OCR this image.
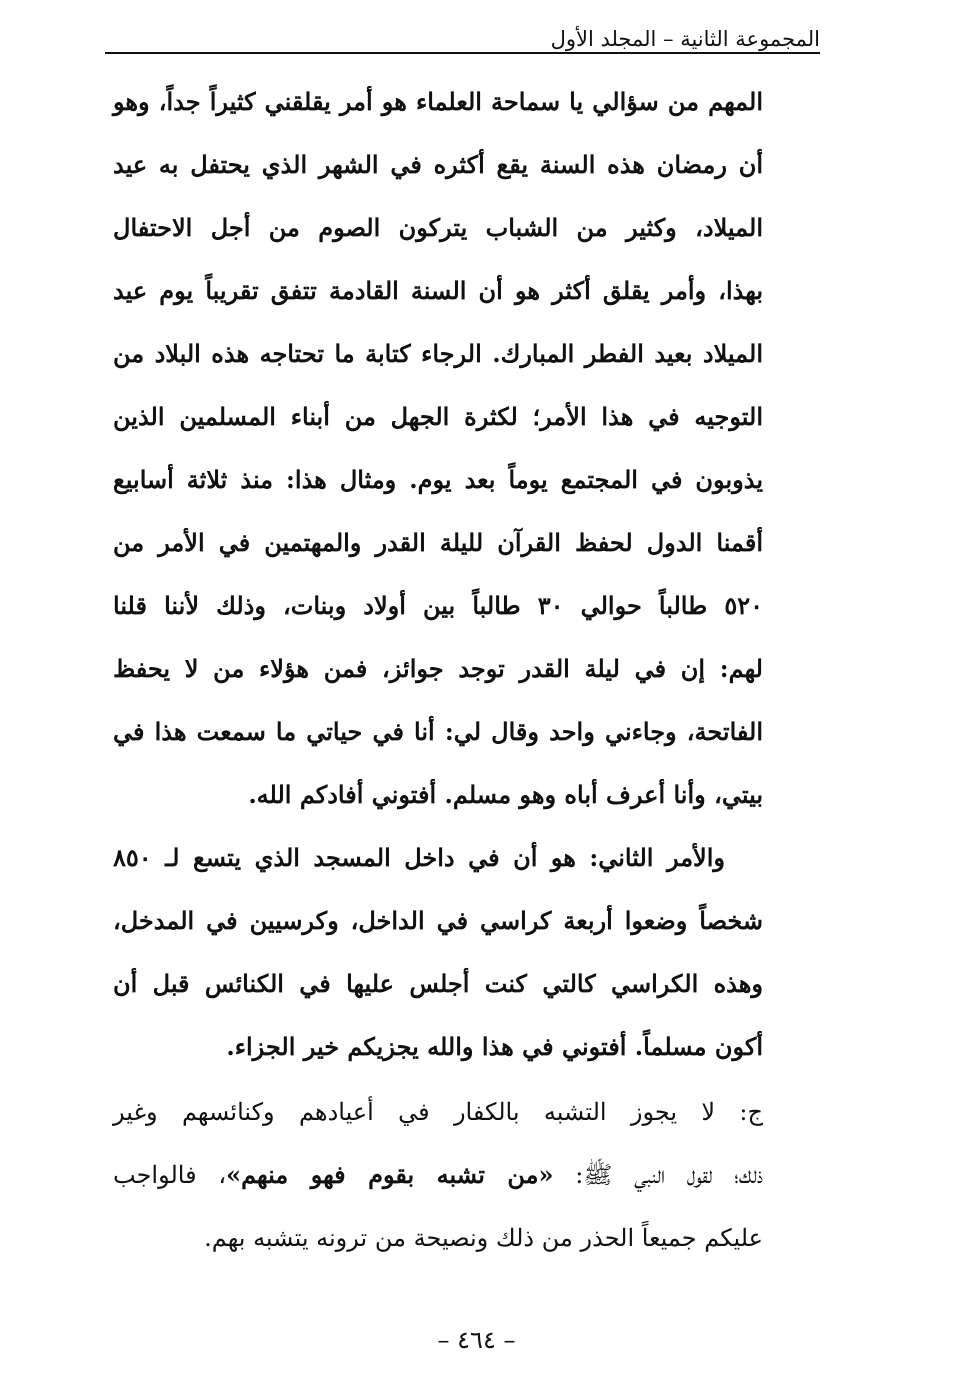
المجموعة الثانية – المجلد الأول
المهم من سؤالي يا سماحة العلماء هو أمر يقلقني كثيراً جداً، وهو
أن رمضان هذه السنة يقع أكثره في الشهر الذي يحتفل به عيد
الميلاد، وكثير من الشباب يتركون الصوم من أجل الاحتفال
بهذا، وأمر يقلق أكثر هو أن السنة القادمة تتفق تقريباً يوم عيد
الميلاد بعيد الفطر المبارك. الرجاء كتابة ما تحتاجه هذه البلاد من
التوجيه في هذا الأمر؛ لكثرة الجهل من أبناء المسلمين الذين
يذوبون في المجتمع يوماً بعد يوم. ومثال هذا: منذ ثلاثة أسابيع
أقمنا الدول لحفظ القرآن لليلة القدر والمهتمين في الأمر من
٥٢٠ طالباً حوالي ٣٠ طالباً بين أولاد وبنات، وذلك لأننا قلنا
لهم: إن في ليلة القدر توجد جوائز، فمن هؤلاء من لا يحفظ
الفاتحة، وجاءني واحد وقال لي: أنا في حياتي ما سمعت هذا في
بيتي، وأنا أعرف أباه وهو مسلم. أفتوني أفادكم الله.
والأمر الثاني: هو أن في داخل المسجد الذي يتسع لـ ٨٥٠
شخصاً وضعوا أربعة كراسي في الداخل، وكرسيين في المدخل،
وهذه الكراسي كالتي كنت أجلس عليها في الكنائس قبل أن
أكون مسلماً. أفتوني في هذا والله يجزيكم خير الجزاء.
ج: لا يجوز التشبه بالكفار في أعيادهم وكنائسهم وغير
ذلك؛ لقول النبي ﷺ: «من تشبه بقوم فهو منهم»، فالواجب
عليكم جميعاً الحذر من ذلك ونصيحة من ترونه يتشبه بهم.
– ٤٦٤ –
